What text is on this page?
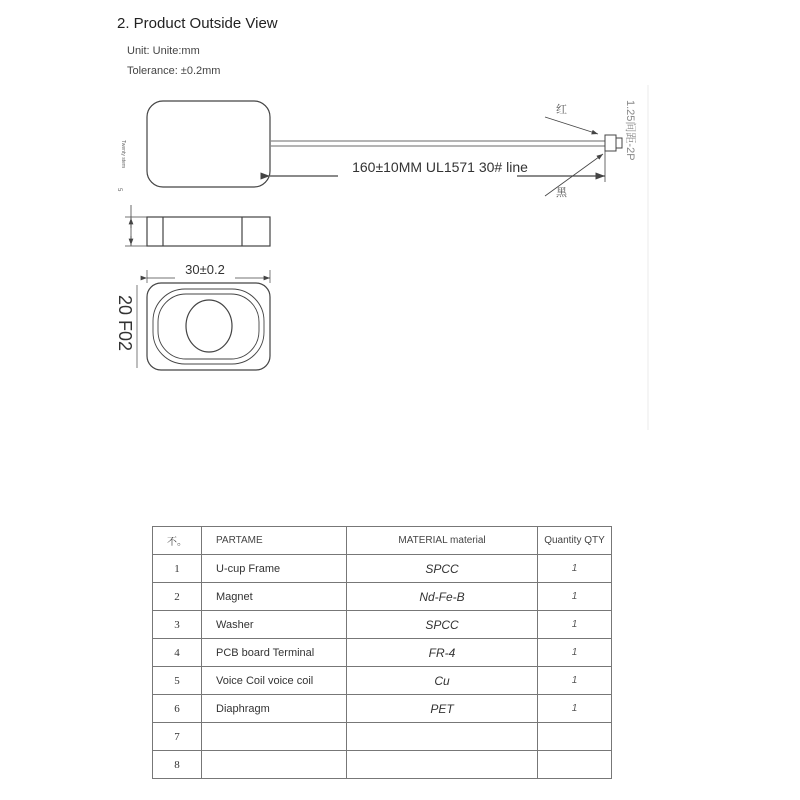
2. Product Outside View
Unit: Unite:mm
Tolerance: ±0.2mm
160±10MM UL1571 30# line
红
黑
1.25间距-2P
Twenty stem
5
30±0.2
20 F02
不。	PARTAME	MATERIAL material	Quantity QTY
1	U-cup Frame	SPCC	1
2	Magnet	Nd-Fe-B	1
3	Washer	SPCC	1
4	PCB board Terminal	FR-4	1
5	Voice Coil voice coil	Cu	1
6	Diaphragm	PET	1
7			
8			
